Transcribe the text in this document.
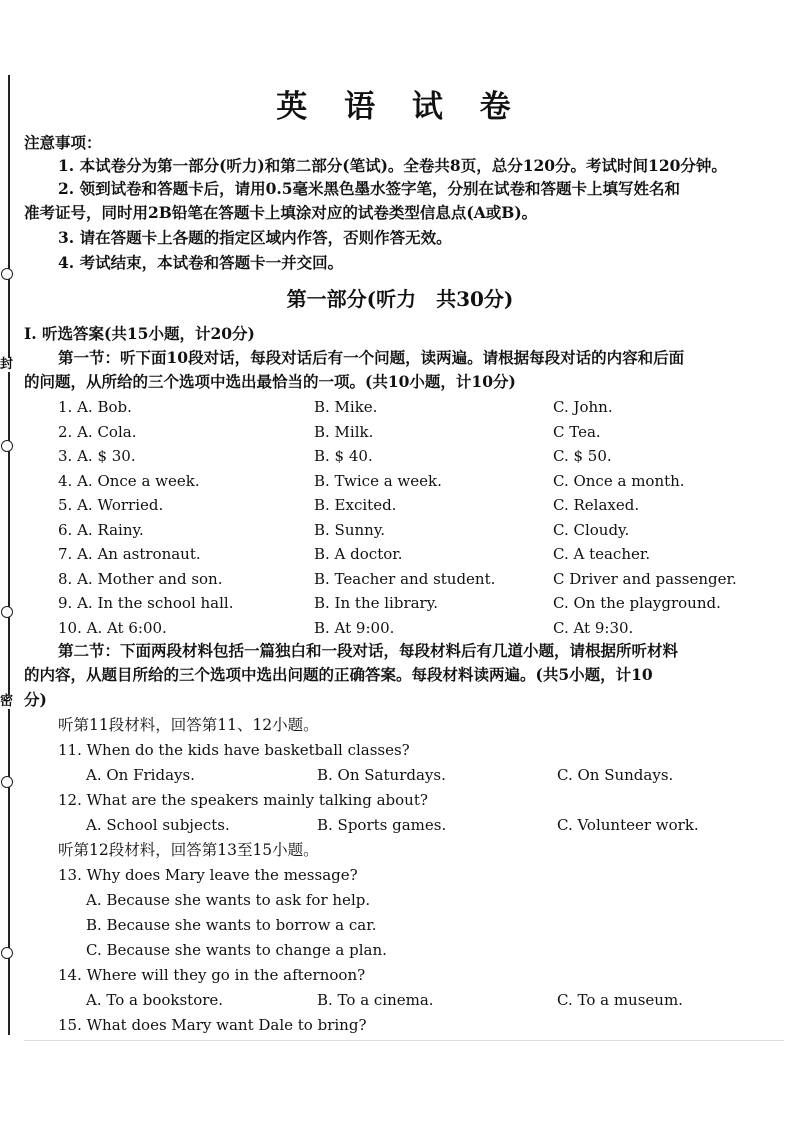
封
密
英 语 试 卷
注意事项：
1. 本试卷分为第一部分(听力)和第二部分(笔试)。全卷共8页，总分120分。考试时间120分钟。
2. 领到试卷和答题卡后，请用0.5毫米黑色墨水签字笔，分别在试卷和答题卡上填写姓名和
准考证号，同时用2B铅笔在答题卡上填涂对应的试卷类型信息点(A或B)。
3. 请在答题卡上各题的指定区域内作答，否则作答无效。
4. 考试结束，本试卷和答题卡一并交回。
第一部分(听力　共30分)
Ⅰ. 听选答案(共15小题，计20分)
第一节：听下面10段对话，每段对话后有一个问题，读两遍。请根据每段对话的内容和后面
的问题，从所给的三个选项中选出最恰当的一项。(共10小题，计10分)
1. A. Bob.	B. Mike.	C. John.
2. A. Cola.	B. Milk.	C Tea.
3. A. $ 30.	B. $ 40.	C. $ 50.
4. A. Once a week.	B. Twice a week.	C. Once a month.
5. A. Worried.	B. Excited.	C. Relaxed.
6. A. Rainy.	B. Sunny.	C. Cloudy.
7. A. An astronaut.	B. A doctor.	C. A teacher.
8. A. Mother and son.	B. Teacher and student.	C Driver and passenger.
9. A. In the school hall.	B. In the library.	C. On the playground.
10. A. At 6:00.	B. At 9:00.	C. At 9:30.
第二节：下面两段材料包括一篇独白和一段对话，每段材料后有几道小题，请根据所听材料
的内容，从题目所给的三个选项中选出问题的正确答案。每段材料读两遍。(共5小题，计10
分)
听第11段材料，回答第11、12小题。
11. When do the kids have basketball classes?
A. On Fridays.	B. On Saturdays.	C. On Sundays.
12. What are the speakers mainly talking about?
A. School subjects.	B. Sports games.	C. Volunteer work.
听第12段材料，回答第13至15小题。
13. Why does Mary leave the message?
A. Because she wants to ask for help.
B. Because she wants to borrow a car.
C. Because she wants to change a plan.
14. Where will they go in the afternoon?
A. To a bookstore.	B. To a cinema.	C. To a museum.
15. What does Mary want Dale to bring?
